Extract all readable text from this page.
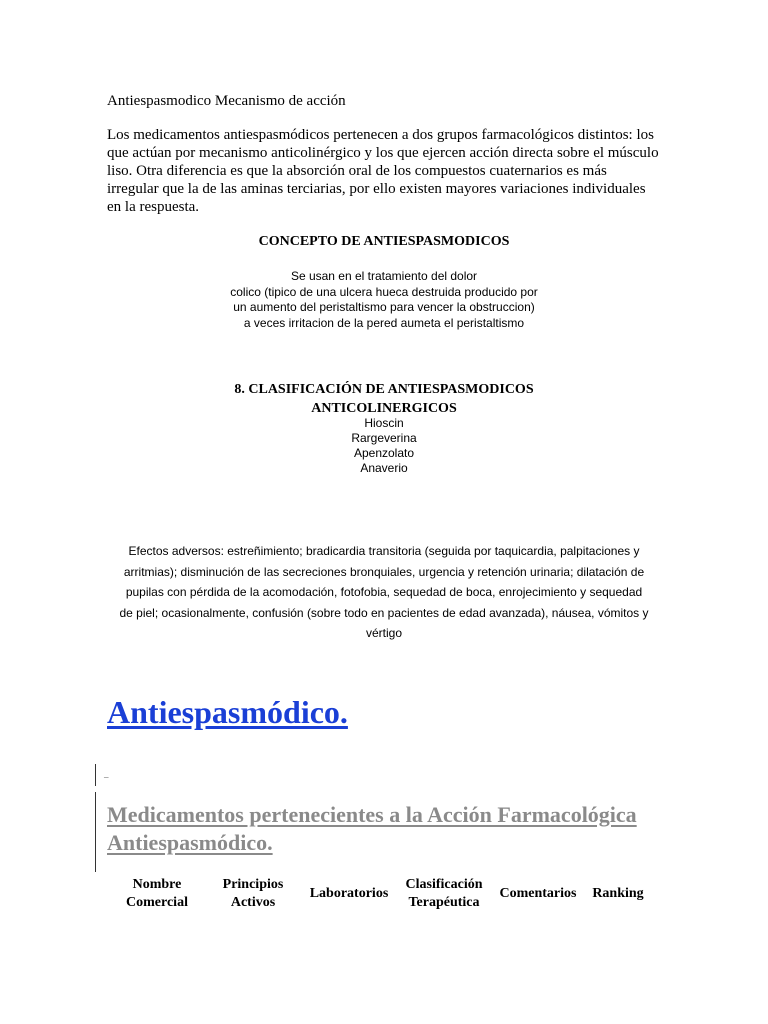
Antiespasmodico Mecanismo de acción

Los medicamentos antiespasmódicos pertenecen a dos grupos farmacológicos distintos: los
que actúan por mecanismo anticolinérgico y los que ejercen acción directa sobre el músculo
liso. Otra diferencia es que la absorción oral de los compuestos cuaternarios es más
irregular que la de las aminas terciarias, por ello existen mayores variaciones individuales
en la respuesta.

CONCEPTO DE ANTIESPASMODICOS
Se usan en el tratamiento del dolor
colico (tipico de una ulcera hueca destruida producido por
un aumento del peristaltismo para vencer la obstruccion)
a veces irritacion de la pered aumeta el peristaltismo
8. CLASIFICACIÓN DE ANTIESPASMODICOS
ANTICOLINERGICOS
Hioscin
Rargeverina
Apenzolato
Anaverio
Efectos adversos: estreñimiento; bradicardia transitoria (seguida por taquicardia, palpitaciones y
arritmias); disminución de las secreciones bronquiales, urgencia y retención urinaria; dilatación de
pupilas con pérdida de la acomodación, fotofobia, sequedad de boca, enrojecimiento y sequedad
de piel; ocasionalmente, confusión (sobre todo en pacientes de edad avanzada), náusea, vómitos y
vértigo
Antiespasmódico.
–
Medicamentos pertenecientes a la Acción Farmacológica
Antiespasmódico.
Nombre
Comercial
Principios
Activos
Laboratorios
Clasificación
Terapéutica
Comentarios	Ranking
